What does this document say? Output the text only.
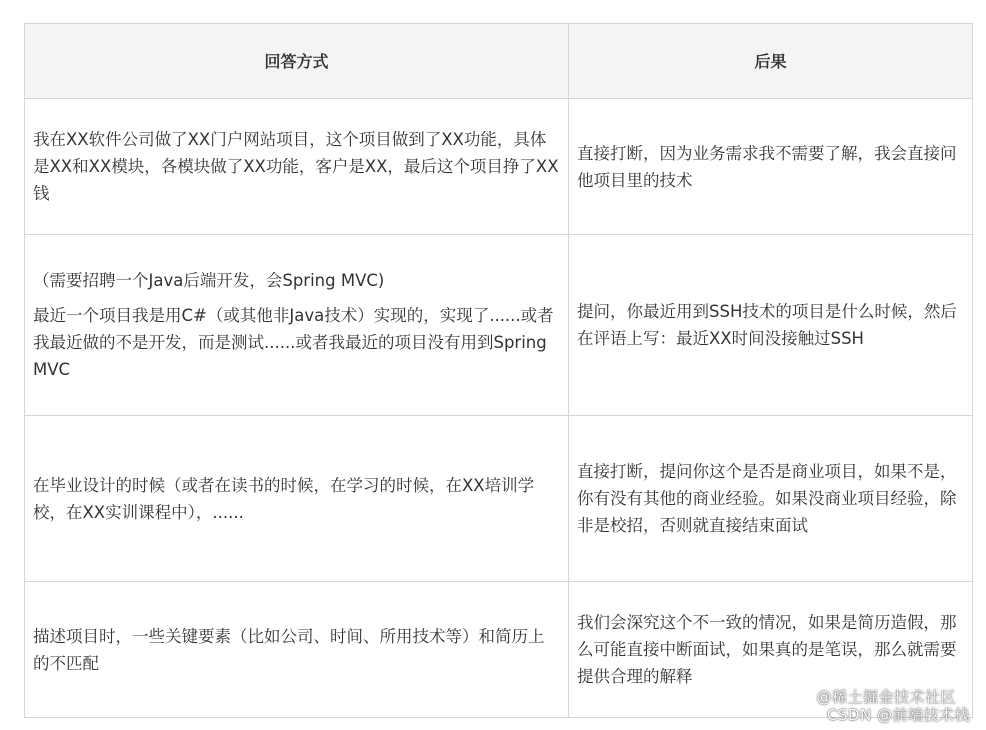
回答方式	后果

我在XX软件公司做了XX门户网站项目，这个项目做到了XX功能，具体是XX和XX模块，各模块做了XX功能，客户是XX，最后这个项目挣了XX钱	直接打断，因为业务需求我不需要了解，我会直接问他项目里的技术

（需要招聘一个Java后端开发，会Spring MVC)

最近一个项目我是用C#（或其他非Java技术）实现的，实现了......或者我最近做的不是开发，而是测试......或者我最近的项目没有用到Spring MVC	提问，你最近用到SSH技术的项目是什么时候，然后在评语上写：最近XX时间没接触过SSH

在毕业设计的时候（或者在读书的时候，在学习的时候，在XX培训学校，在XX实训课程中），......	直接打断，提问你这个是否是商业项目，如果不是，你有没有其他的商业经验。如果没商业项目经验，除非是校招，否则就直接结束面试

描述项目时，一些关键要素（比如公司、时间、所用技术等）和简历上的不匹配	我们会深究这个不一致的情况，如果是简历造假，那么可能直接中断面试，如果真的是笔误，那么就需要提供合理的解释

@稀土掘金技术社区
CSDN @前端技术栈
